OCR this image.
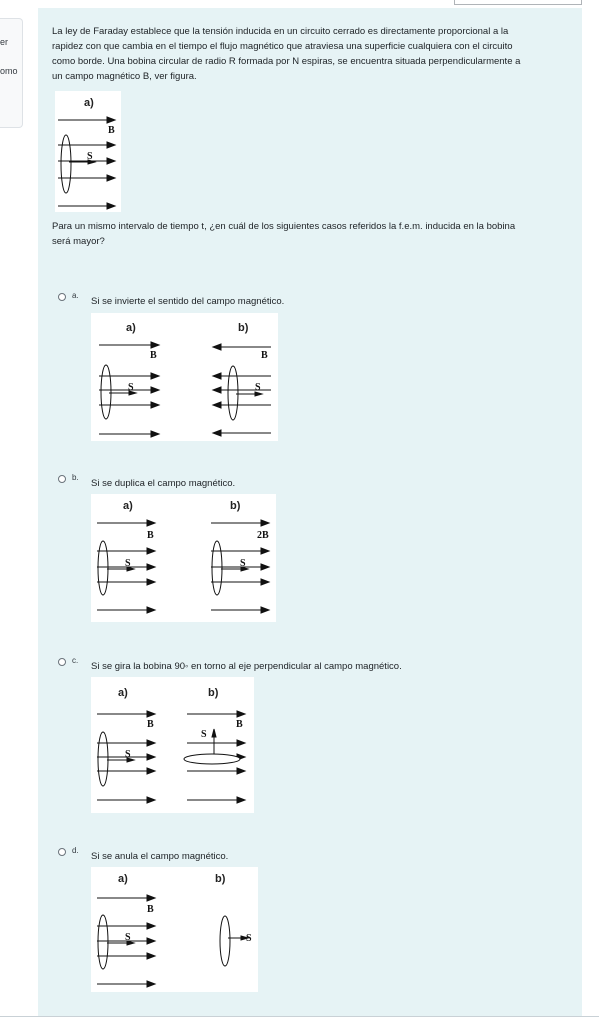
er
omo

La ley de Faraday establece que la tensión inducida en un circuito cerrado es directamente proporcional a la

rapidez con que cambia en el tiempo el flujo magnético que atraviesa una superficie cualquiera con el circuito

como borde. Una bobina circular de radio R formada por N espiras, se encuentra situada perpendicularmente a

un campo magnético B, ver figura.

a)
B
S

Para un mismo intervalo de tiempo t, ¿en cuál de los siguientes casos referidos la f.e.m. inducida en la bobina

será mayor?

a.
Si se invierte el sentido del campo magnético.
a)	b)
B
S
B
S
b.
Si se duplica el campo magnético.
a)	b)
B
S
2B
S
c.
Si se gira la bobina 90◦ en torno al eje perpendicular al campo magnético.
a)	b)
B
S
B
S
d.
Si se anula el campo magnético.
a)	b)
B
S	S
